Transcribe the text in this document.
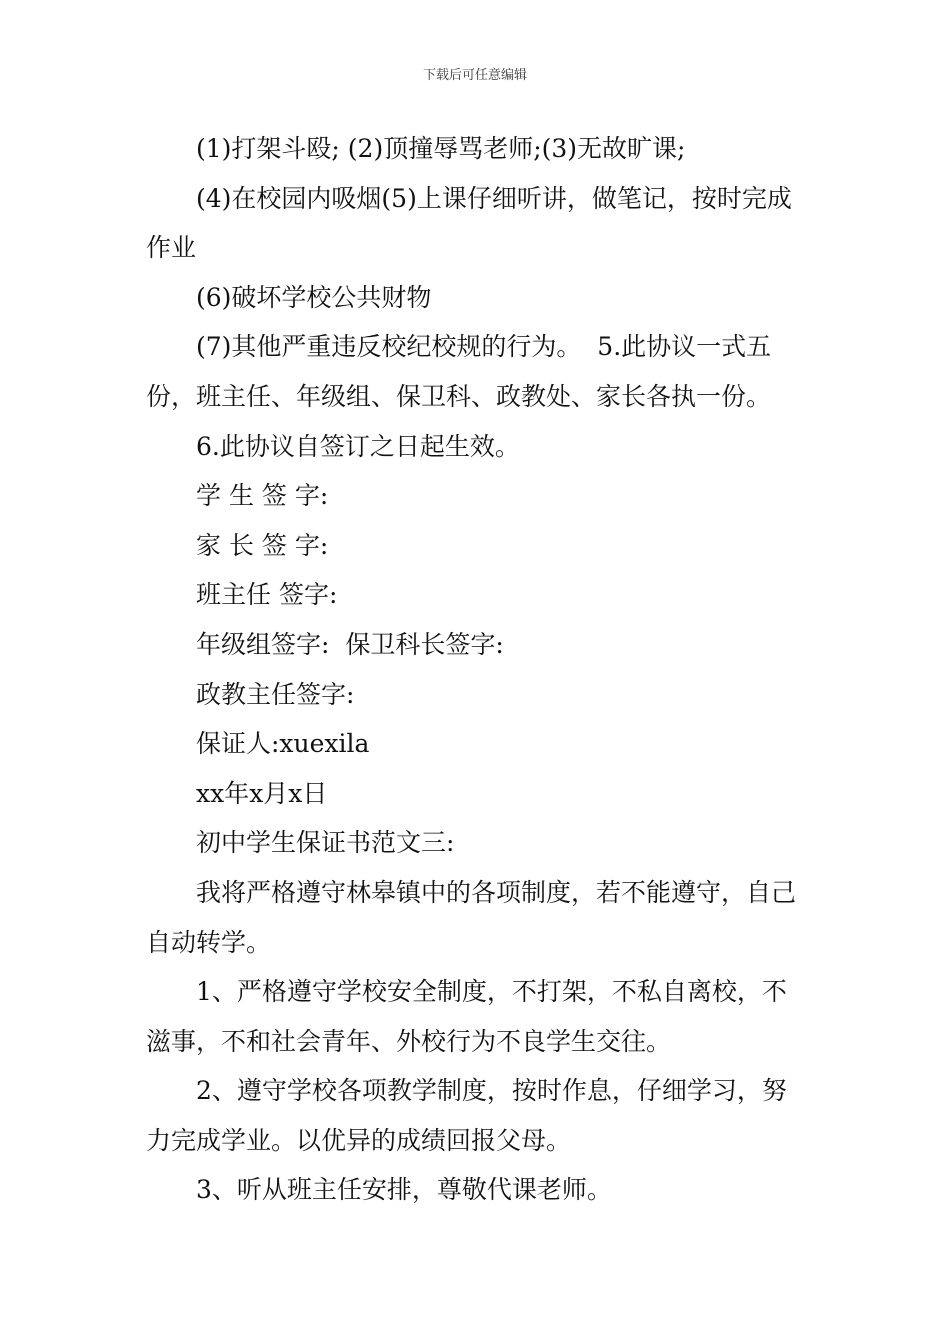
下载后可任意编辑

(1)打架斗殴; (2)顶撞辱骂老师;(3)无故旷课;

(4)在校园内吸烟(5)上课仔细听讲，做笔记，按时完成作业

(6)破坏学校公共财物

(7)其他严重违反校纪校规的行为。  5.此协议一式五份，班主任、年级组、保卫科、政教处、家长各执一份。

6.此协议自签订之日起生效。

学 生 签 字:

家 长 签 字:

班主任 签字:

年级组签字:  保卫科长签字:

政教主任签字:

保证人:xuexila

xx年x月x日

初中学生保证书范文三:

我将严格遵守林皋镇中的各项制度，若不能遵守，自己自动转学。

1、严格遵守学校安全制度，不打架，不私自离校，不滋事，不和社会青年、外校行为不良学生交往。

2、遵守学校各项教学制度，按时作息，仔细学习，努力完成学业。以优异的成绩回报父母。

3、听从班主任安排，尊敬代课老师。
